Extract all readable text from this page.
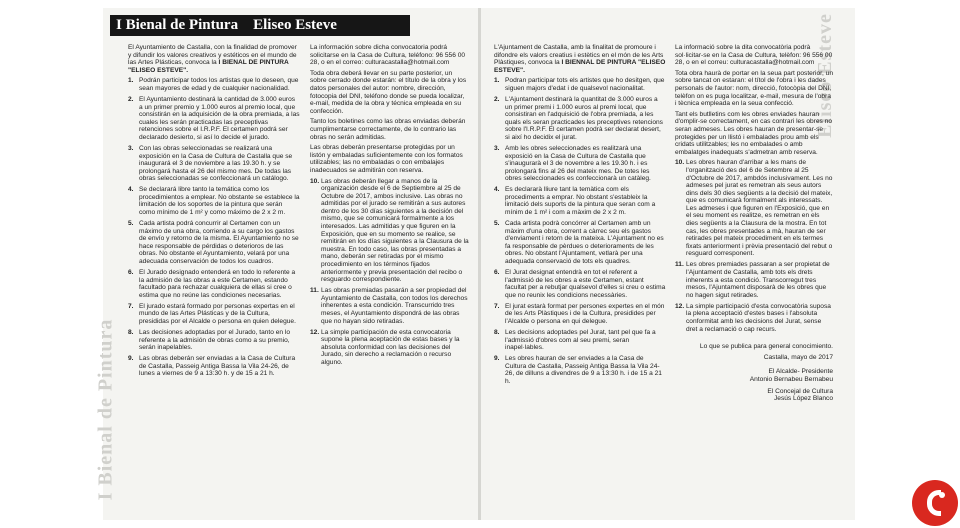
I Bienal de Pintura Eliseo Esteve
I Bienal de Pintura
Eliseo Esteve

El Ayuntamiento de Castalla, con la finalidad de promover y difundir los valores creativos y estéticos en el mundo de las Artes Plásticas, convoca la I BIENAL DE PINTURA "ELISEO ESTEVE".

1. Podrán participar todos los artistas que lo deseen, que sean mayores de edad y de cualquier nacionalidad.
2. El Ayuntamiento destinará la cantidad de 3.000 euros a un primer premio y 1.000 euros al premio local, que consistirán en la adquisición de la obra premiada, a las cuales les serán practicadas las preceptivas retenciones sobre el I.R.P.F. El certamen podrá ser declarado desierto, si así lo decide el jurado.
3. Con las obras seleccionadas se realizará una exposición en la Casa de Cultura de Castalla que se inaugurará el 3 de noviembre a las 19.30 h. y se prolongará hasta el 26 del mismo mes. De todas las obras seleccionadas se confeccionará un catálogo.
4. Se declarará libre tanto la temática como los procedimientos a emplear. No obstante se establece la limitación de los soportes de la pintura que serán como mínimo de 1 m² y como máximo de 2 x 2 m.
5. Cada artista podrá concurrir al Certamen con un máximo de una obra, corriendo a su cargo los gastos de envío y retorno de la misma. El Ayuntamiento no se hace responsable de pérdidas o deterioros de las obras. No obstante el Ayuntamiento, velará por una adecuada conservación de todos los cuadros.
6. El Jurado designado entenderá en todo lo referente a la admisión de las obras a este Certamen, estando facultado para rechazar cualquiera de ellas si cree o estima que no reúne las condiciones necesarias.
7. El jurado estará formado por personas expertas en el mundo de las Artes Plásticas y de la Cultura, presididas por el Alcalde o persona en quien delegue.
8. Las decisiones adoptadas por el Jurado, tanto en lo referente a la admisión de obras como a su premio, serán inapelables.
9. Las obras deberán ser enviadas a la Casa de Cultura de Castalla, Passeig Antiga Bassa la Vila 24-26, de lunes a viernes de 9 a 13:30 h. y de 15 a 21 h.

La información sobre dicha convocatoria podrá solicitarse en la Casa de Cultura, teléfono: 96 556 00 28, o en el correo: culturacastalla@hotmail.com

Toda obra deberá llevar en su parte posterior, un sobre cerrado donde estarán: el título de la obra y los datos personales del autor: nombre, dirección, fotocopia del DNI, teléfono donde se pueda localizar, e-mail, medida de la obra y técnica empleada en su confección.

Tanto los boletines como las obras enviadas deberán cumplimentarse correctamente, de lo contrario las obras no serán admitidas.

Las obras deberán presentarse protegidas por un listón y embaladas suficientemente con los formatos utilizables; las no embaladas o con embalajes inadecuados se admitirán con reserva.

10. Las obras deberán llegar a manos de la organización desde el 6 de Septiembre al 25 de Octubre de 2017, ambos inclusive. Las obras no admitidas por el jurado se remitirán a sus autores dentro de los 30 días siguientes a la decisión del mismo, que se comunicará formalmente a los interesados. Las admitidas y que figuren en la Exposición, que en su momento se realice, se remitirán en los días siguientes a la Clausura de la muestra. En todo caso, las obras presentadas a mano, deberán ser retiradas por el mismo procedimiento en los términos fijados anteriormente y previa presentación del recibo o resguardo correspondiente.
11. Las obras premiadas pasarán a ser propiedad del Ayuntamiento de Castalla, con todos los derechos inherentes a esta condición. Transcurrido tres meses, el Ayuntamiento dispondrá de las obras que no hayan sido retiradas.
12. La simple participación de esta convocatoria supone la plena aceptación de estas bases y la absoluta conformidad con las decisiones del Jurado, sin derecho a reclamación o recurso alguno.

L'Ajuntament de Castalla, amb la finalitat de promoure i difondre els valors creatius i estètics en el món de les Arts Plàstiques, convoca la I BIENNAL DE PINTURA "ELISEO ESTEVE".

1. Podran participar tots els artistes que ho desitgen, que siguen majors d'edat i de qualsevol nacionalitat.
2. L'Ajuntament destinarà la quantitat de 3.000 euros a un primer premi i 1.000 euros al premi local, que consistiran en l'adquisició de l'obra premiada, a les quals els seran practicades les preceptives retencions sobre l'I.R.P.F. El certamen podrà ser declarat desert, si així ho decidix el jurat.
3. Amb les obres seleccionades es realitzarà una exposició en la Casa de Cultura de Castalla que s'inaugurarà el 3 de novembre a les 19.30 h. i es prolongarà fins al 26 del mateix mes. De totes les obres seleccionades es confeccionarà un catàleg.
4. Es declararà lliure tant la temàtica com els procediments a emprar. No obstant s'estableix la limitació dels suports de la pintura que seran com a mínim de 1 m² i com a màxim de 2 x 2 m.
5. Cada artista podrà concórrer al Certamen amb un màxim d'una obra, corrent a càrrec seu els gastos d'enviament i retorn de la mateixa. L'Ajuntament no es fa responsable de pèrdues o deterioraments de les obres. No obstant l'Ajuntament, vetlarà per una adequada conservació de tots els quadres.
6. El Jurat designat entendrà en tot el referent a l'admissió de les obres a este Certamen, estant facultat per a rebutjar qualsevol d'elles si creu o estima que no reunix les condicions necessàries.
7. El jurat estarà format per persones expertes en el món de les Arts Plàstiques i de la Cultura, presidides per l'Alcalde o persona en qui delegue.
8. Les decisions adoptades pel Jurat, tant pel que fa a l'admissió d'obres com al seu premi, seran inapel·lables.
9. Les obres hauran de ser enviades a la Casa de Cultura de Castalla, Passeig Antiga Bassa la Vila 24-26, de dilluns a divendres de 9 a 13:30 h. i de 15 a 21 h.

La informació sobre la dita convocatòria podrà sol·licitar-se en la Casa de Cultura, telèfon: 96 556 00 28, o en el correu: culturacastalla@hotmail.com

Tota obra haurà de portar en la seua part posterior, un sobre tancat on estaran: el títol de l'obra i les dades personals de l'autor: nom, direcció, fotocòpia del DNI, telèfon on es puga localitzar, e-mail, mesura de l'obra i tècnica empleada en la seua confecció.

Tant els butlletins com les obres enviades hauran d'omplir-se correctament, en cas contrari les obres no seran admeses. Les obres hauran de presentar-se protegides per un llistó i embalades prou amb els cridats utilitzables; les no embalades o amb embalatges inadequats s'admetran amb reserva.

10. Les obres hauran d'arribar a les mans de l'organització des del 6 de Setembre al 25 d'Octubre de 2017, ambdós inclusivament. Les no admeses pel jurat es remetran als seus autors dins dels 30 dies següents a la decisió del mateix, que es comunicarà formalment als interessats. Les admeses i que figuren en l'Exposició, que en el seu moment es realitze, es remetran en els dies següents a la Clausura de la mostra. En tot cas, les obres presentades a mà, hauran de ser retirades pel mateix procediment en els termes fixats anteriorment i prèvia presentació del rebut o resguard corresponent.
11. Les obres premiades passaran a ser propietat de l'Ajuntament de Castalla, amb tots els drets inherents a esta condició. Transcorregut tres mesos, l'Ajuntament disposarà de les obres que no hagen sigut retirades.
12. La simple participació d'esta convocatòria suposa la plena acceptació d'estes bases i l'absoluta conformitat amb les decisions del Jurat, sense dret a reclamació o cap recurs.

Lo que se publica para general conocimiento.

Castalla, mayo de 2017

El Alcalde- Presidente
Antonio Bernabeu Bernabeu
El Concejal de Cultura
Jesús López Blanco
